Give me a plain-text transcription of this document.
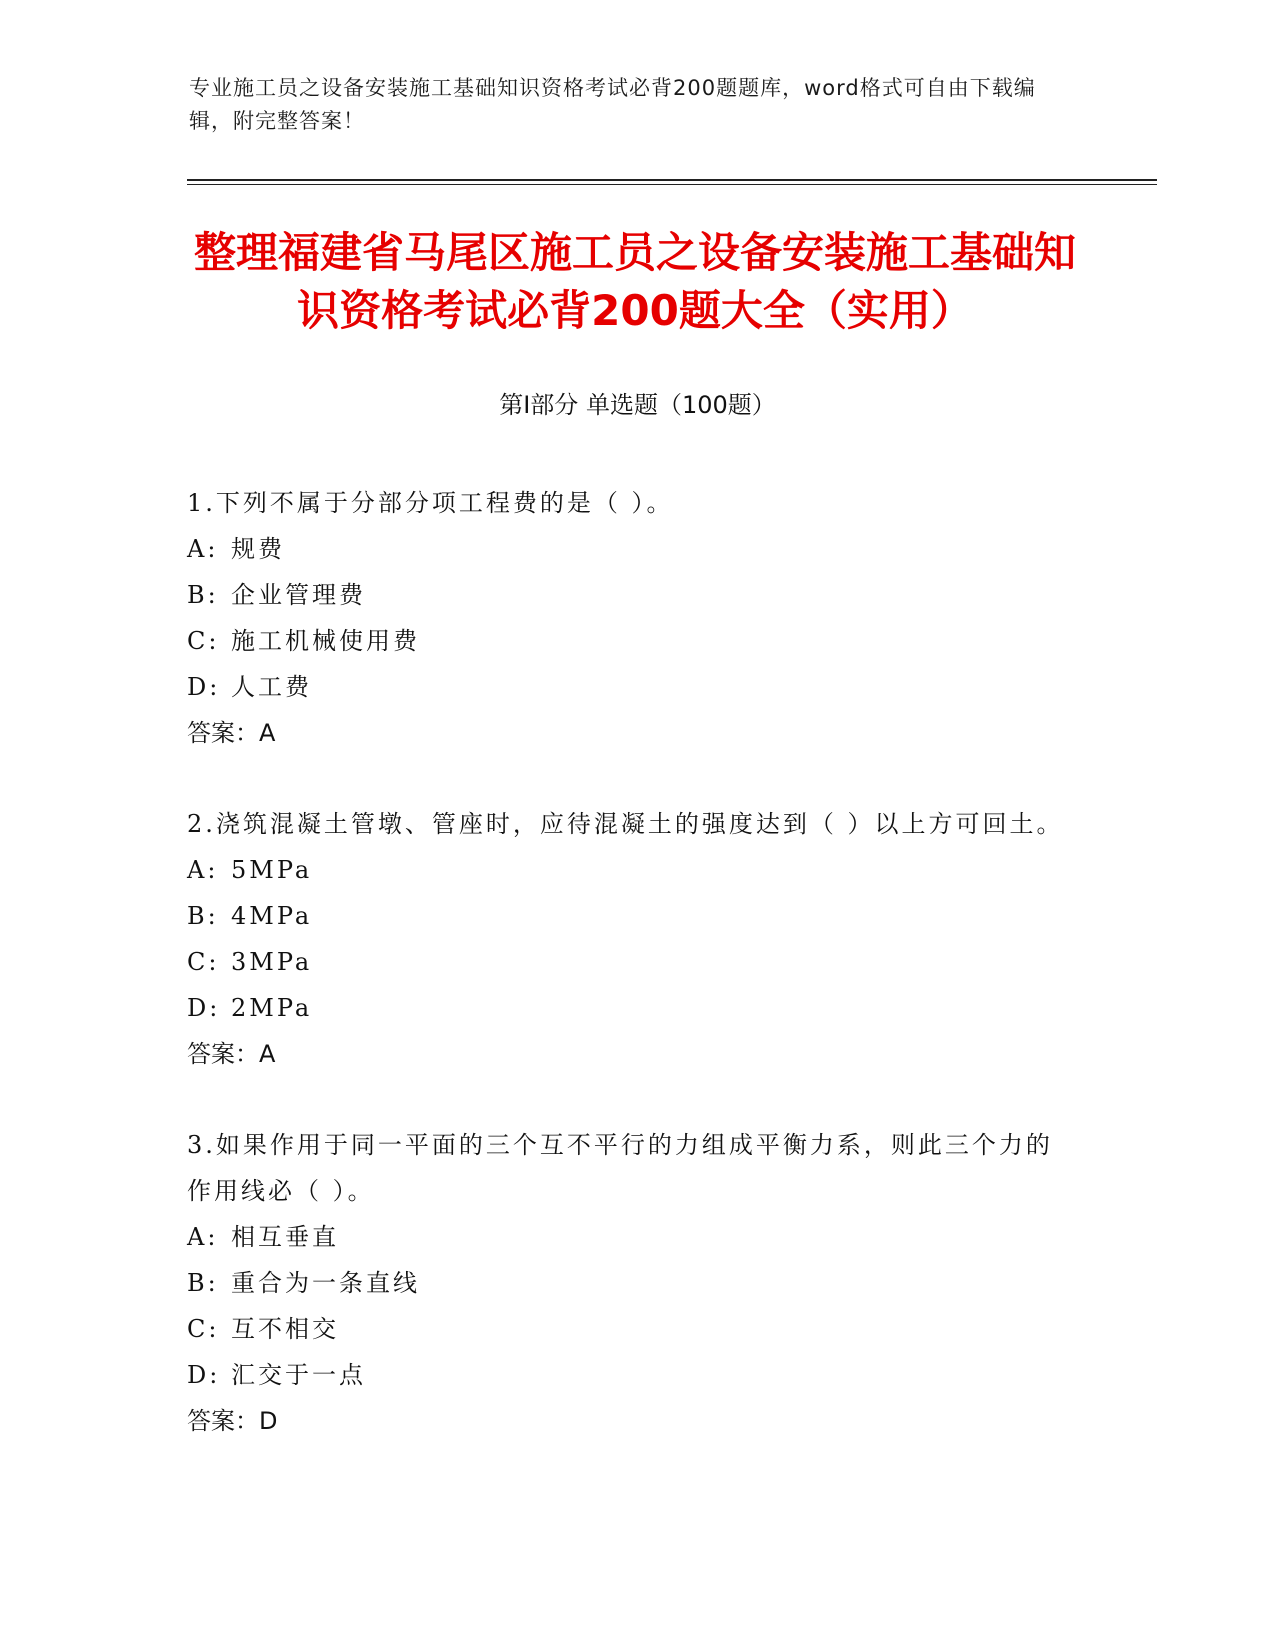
专业施工员之设备安装施工基础知识资格考试必背200题题库，word格式可自由下载编辑，附完整答案！
整理福建省马尾区施工员之设备安装施工基础知识资格考试必背200题大全（实用）
第I部分 单选题（100题）
1.下列不属于分部分项工程费的是（ ）。
A: 规费
B: 企业管理费
C: 施工机械使用费
D: 人工费
答案：A
2.浇筑混凝土管墩、管座时，应待混凝土的强度达到（ ）以上方可回土。
A: 5MPa
B: 4MPa
C: 3MPa
D: 2MPa
答案：A
3.如果作用于同一平面的三个互不平行的力组成平衡力系，则此三个力的作用线必（ ）。
A: 相互垂直
B: 重合为一条直线
C: 互不相交
D: 汇交于一点
答案：D
